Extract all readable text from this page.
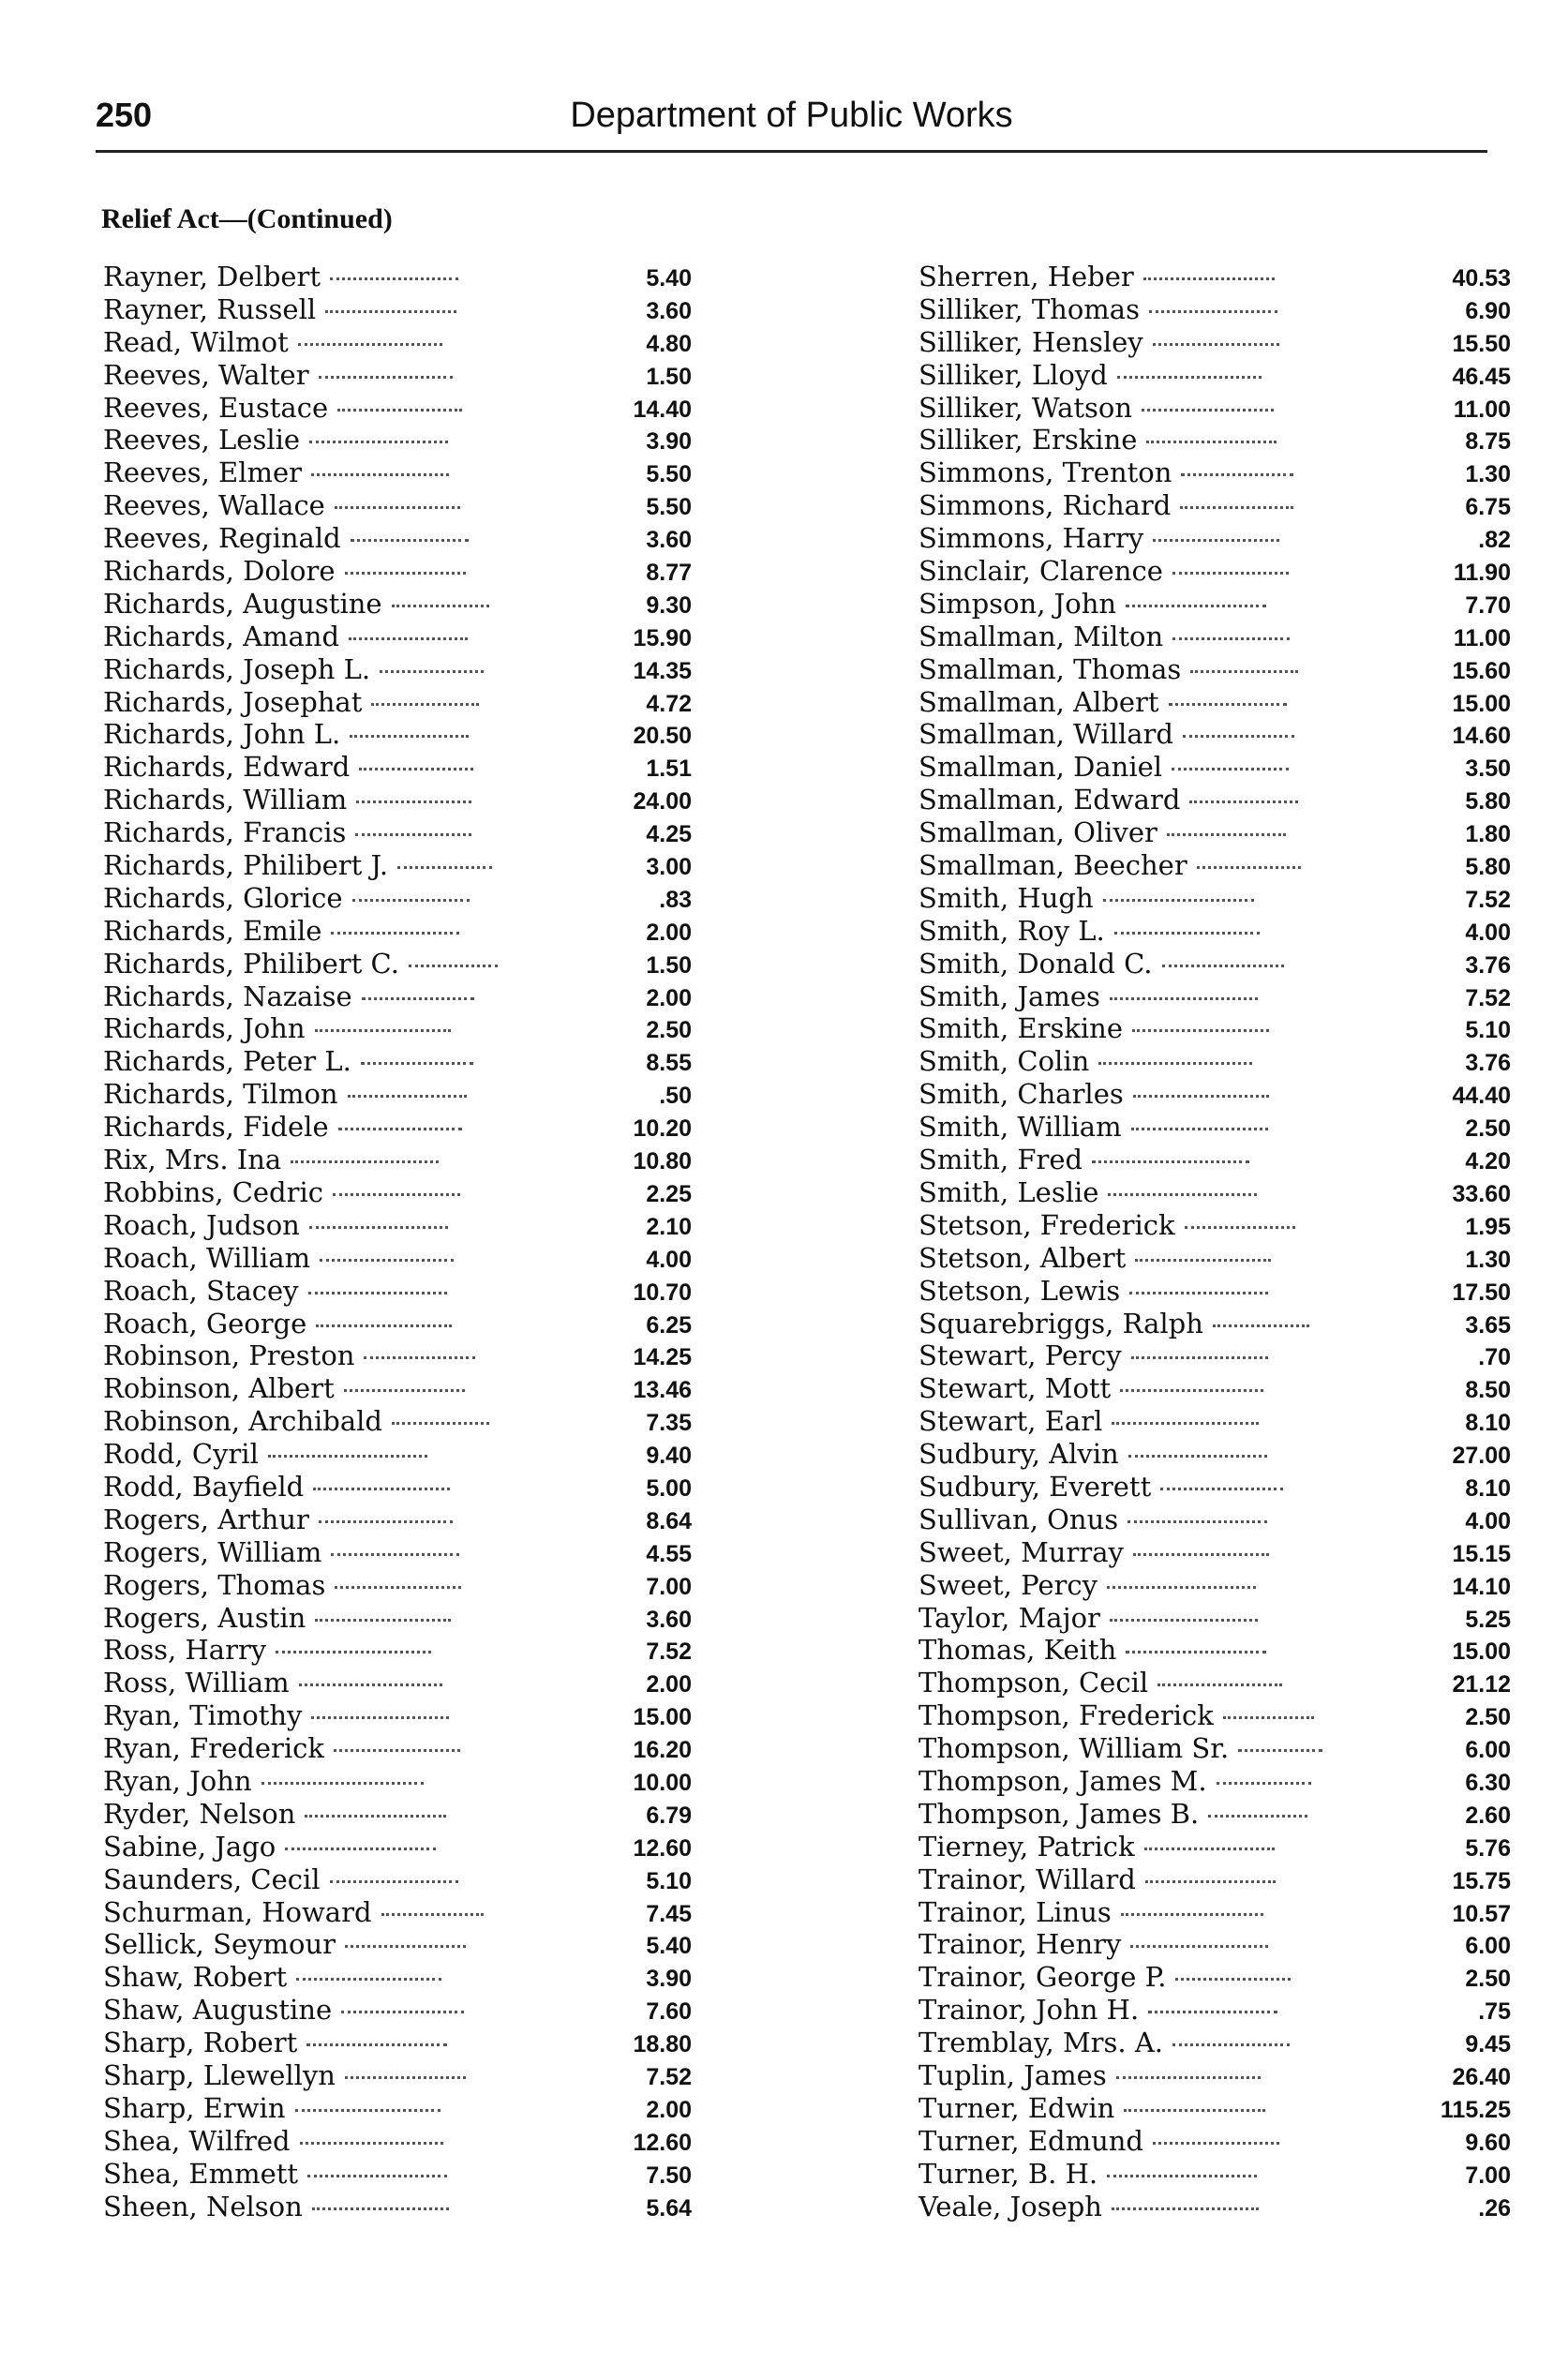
250	Department of Public Works
Relief Act—(Continued)
Rayner, Delbert	5.40
Rayner, Russell	3.60
Read, Wilmot	4.80
Reeves, Walter	1.50
Reeves, Eustace	14.40
Reeves, Leslie	3.90
Reeves, Elmer	5.50
Reeves, Wallace	5.50
Reeves, Reginald	3.60
Richards, Dolore	8.77
Richards, Augustine	9.30
Richards, Amand	15.90
Richards, Joseph L.	14.35
Richards, Josephat	4.72
Richards, John L.	20.50
Richards, Edward	1.51
Richards, William	24.00
Richards, Francis	4.25
Richards, Philibert J.	3.00
Richards, Glorice	.83
Richards, Emile	2.00
Richards, Philibert C.	1.50
Richards, Nazaise	2.00
Richards, John	2.50
Richards, Peter L.	8.55
Richards, Tilmon	.50
Richards, Fidele	10.20
Rix, Mrs. Ina	10.80
Robbins, Cedric	2.25
Roach, Judson	2.10
Roach, William	4.00
Roach, Stacey	10.70
Roach, George	6.25
Robinson, Preston	14.25
Robinson, Albert	13.46
Robinson, Archibald	7.35
Rodd, Cyril	9.40
Rodd, Bayfield	5.00
Rogers, Arthur	8.64
Rogers, William	4.55
Rogers, Thomas	7.00
Rogers, Austin	3.60
Ross, Harry	7.52
Ross, William	2.00
Ryan, Timothy	15.00
Ryan, Frederick	16.20
Ryan, John	10.00
Ryder, Nelson	6.79
Sabine, Jago	12.60
Saunders, Cecil	5.10
Schurman, Howard	7.45
Sellick, Seymour	5.40
Shaw, Robert	3.90
Shaw, Augustine	7.60
Sharp, Robert	18.80
Sharp, Llewellyn	7.52
Sharp, Erwin	2.00
Shea, Wilfred	12.60
Shea, Emmett	7.50
Sheen, Nelson	5.64
Sherren, Heber	40.53
Silliker, Thomas	6.90
Silliker, Hensley	15.50
Silliker, Lloyd	46.45
Silliker, Watson	11.00
Silliker, Erskine	8.75
Simmons, Trenton	1.30
Simmons, Richard	6.75
Simmons, Harry	.82
Sinclair, Clarence	11.90
Simpson, John	7.70
Smallman, Milton	11.00
Smallman, Thomas	15.60
Smallman, Albert	15.00
Smallman, Willard	14.60
Smallman, Daniel	3.50
Smallman, Edward	5.80
Smallman, Oliver	1.80
Smallman, Beecher	5.80
Smith, Hugh	7.52
Smith, Roy L.	4.00
Smith, Donald C.	3.76
Smith, James	7.52
Smith, Erskine	5.10
Smith, Colin	3.76
Smith, Charles	44.40
Smith, William	2.50
Smith, Fred	4.20
Smith, Leslie	33.60
Stetson, Frederick	1.95
Stetson, Albert	1.30
Stetson, Lewis	17.50
Squarebriggs, Ralph	3.65
Stewart, Percy	.70
Stewart, Mott	8.50
Stewart, Earl	8.10
Sudbury, Alvin	27.00
Sudbury, Everett	8.10
Sullivan, Onus	4.00
Sweet, Murray	15.15
Sweet, Percy	14.10
Taylor, Major	5.25
Thomas, Keith	15.00
Thompson, Cecil	21.12
Thompson, Frederick	2.50
Thompson, William Sr.	6.00
Thompson, James M.	6.30
Thompson, James B.	2.60
Tierney, Patrick	5.76
Trainor, Willard	15.75
Trainor, Linus	10.57
Trainor, Henry	6.00
Trainor, George P.	2.50
Trainor, John H.	.75
Tremblay, Mrs. A.	9.45
Tuplin, James	26.40
Turner, Edwin	115.25
Turner, Edmund	9.60
Turner, B. H.	7.00
Veale, Joseph	.26
